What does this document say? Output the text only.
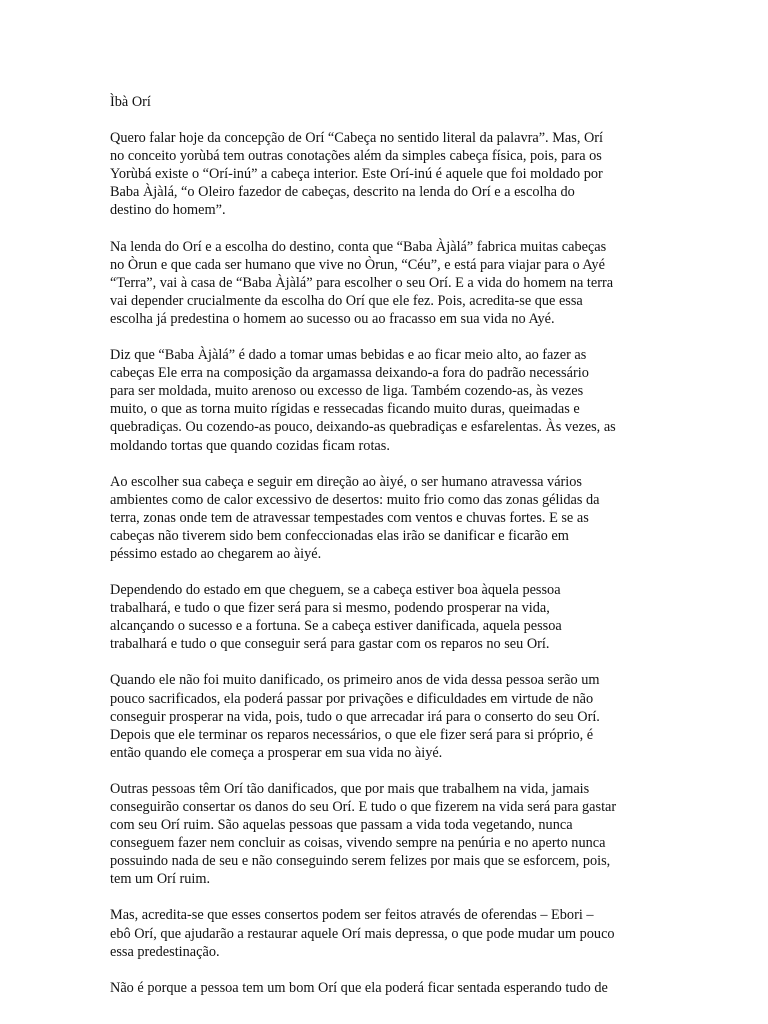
Ìbà Orí

Quero falar hoje da concepção de Orí “Cabeça no sentido literal da palavra”. Mas, Orí
no conceito yorùbá tem outras conotações além da simples cabeça física, pois, para os
Yorùbá existe o “Orí-inú” a cabeça interior. Este Orí-inú é aquele que foi moldado por
Baba Àjàlá, “o Oleiro fazedor de cabeças, descrito na lenda do Orí e a escolha do
destino do homem”.

Na lenda do Orí e a escolha do destino, conta que “Baba Àjàlá” fabrica muitas cabeças
no Òrun e que cada ser humano que vive no Òrun, “Céu”, e está para viajar para o Ayé
“Terra”, vai à casa de “Baba Àjàlá” para escolher o seu Orí. E a vida do homem na terra
vai depender crucialmente da escolha do Orí que ele fez. Pois, acredita-se que essa
escolha já predestina o homem ao sucesso ou ao fracasso em sua vida no Ayé.

Diz que “Baba Àjàlá” é dado a tomar umas bebidas e ao ficar meio alto, ao fazer as
cabeças Ele erra na composição da argamassa deixando-a fora do padrão necessário
para ser moldada, muito arenoso ou excesso de liga. Também cozendo-as, às vezes
muito, o que as torna muito rígidas e ressecadas ficando muito duras, queimadas e
quebradiças. Ou cozendo-as pouco, deixando-as quebradiças e esfarelentas. Às vezes, as
moldando tortas que quando cozidas ficam rotas.

Ao escolher sua cabeça e seguir em direção ao àiyé, o ser humano atravessa vários
ambientes como de calor excessivo de desertos: muito frio como das zonas gélidas da
terra, zonas onde tem de atravessar tempestades com ventos e chuvas fortes. E se as
cabeças não tiverem sido bem confeccionadas elas irão se danificar e ficarão em
péssimo estado ao chegarem ao àiyé.

Dependendo do estado em que cheguem, se a cabeça estiver boa àquela pessoa
trabalhará, e tudo o que fizer será para si mesmo, podendo prosperar na vida,
alcançando o sucesso e a fortuna. Se a cabeça estiver danificada, aquela pessoa
trabalhará e tudo o que conseguir será para gastar com os reparos no seu Orí.

Quando ele não foi muito danificado, os primeiro anos de vida dessa pessoa serão um
pouco sacrificados, ela poderá passar por privações e dificuldades em virtude de não
conseguir prosperar na vida, pois, tudo o que arrecadar irá para o conserto do seu Orí.
Depois que ele terminar os reparos necessários, o que ele fizer será para si próprio, é
então quando ele começa a prosperar em sua vida no àiyé.

Outras pessoas têm Orí tão danificados, que por mais que trabalhem na vida, jamais
conseguirão consertar os danos do seu Orí. E tudo o que fizerem na vida será para gastar
com seu Orí ruim. São aquelas pessoas que passam a vida toda vegetando, nunca
conseguem fazer nem concluir as coisas, vivendo sempre na penúria e no aperto nunca
possuindo nada de seu e não conseguindo serem felizes por mais que se esforcem, pois,
tem um Orí ruim.

Mas, acredita-se que esses consertos podem ser feitos através de oferendas – Ebori –
ebô Orí, que ajudarão a restaurar aquele Orí mais depressa, o que pode mudar um pouco
essa predestinação.

Não é porque a pessoa tem um bom Orí que ela poderá ficar sentada esperando tudo de
